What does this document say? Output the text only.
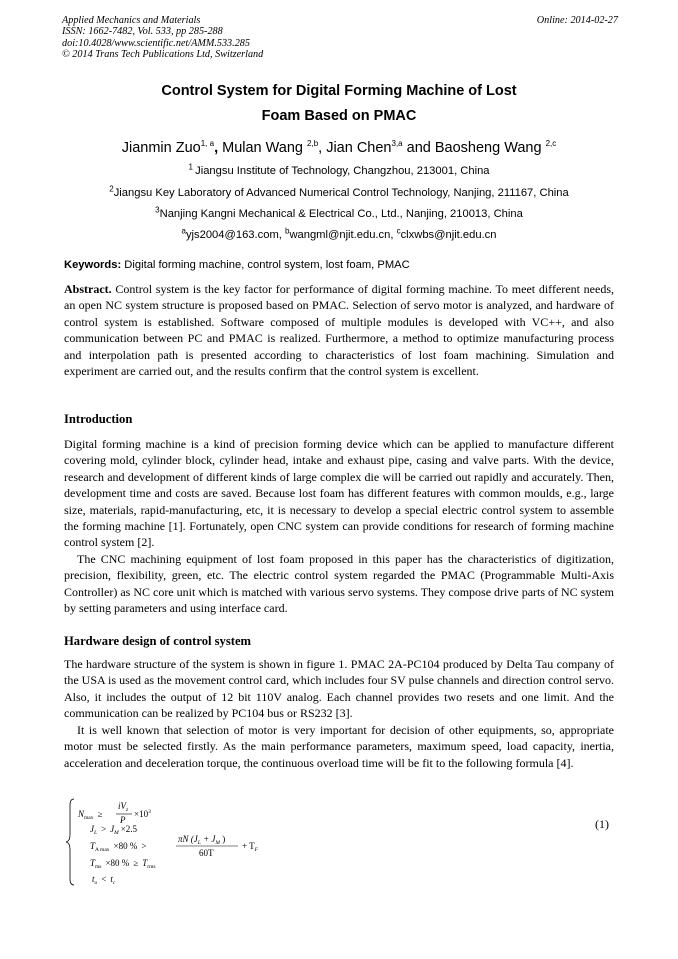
Applied Mechanics and Materials
ISSN: 1662-7482, Vol. 533, pp 285-288
doi:10.4028/www.scientific.net/AMM.533.285
© 2014 Trans Tech Publications Ltd, Switzerland
Online: 2014-02-27
Control System for Digital Forming Machine of Lost
Foam Based on PMAC
Jianmin Zuo$^{1, a}$, Mulan Wang $^{2,b}$, Jian Chen$^{3,a}$ and Baosheng Wang $^{2,c}$
$^1$ Jiangsu Institute of Technology, Changzhou, 213001, China
$^2$Jiangsu Key Laboratory of Advanced Numerical Control Technology, Nanjing, 211167, China
$^3$Nanjing Kangni Mechanical & Electrical Co., Ltd., Nanjing, 210013, China
$^a$yjs2004@163.com, $^b$wangml@njit.edu.cn, $^c$clxwbs@njit.edu.cn
Keywords: Digital forming machine, control system, lost foam, PMAC

Abstract. Control system is the key factor for performance of digital forming machine. To meet different needs, an open NC system structure is proposed based on PMAC. Selection of servo motor is analyzed, and hardware of control system is established. Software composed of multiple modules is developed with VC++, and also communication between PC and PMAC is realized. Furthermore, a method to optimize manufacturing process and interpolation path is presented according to characteristics of lost foam machining. Simulation and experiment are carried out, and the results confirm that the control system is excellent.

Introduction

Digital forming machine is a kind of precision forming device which can be applied to manufacture different covering mold, cylinder block, cylinder head, intake and exhaust pipe, casing and valve parts. With the device, research and development of different kinds of large complex die will be carried out rapidly and accurately. Then, development time and costs are saved. Because lost foam has different features with common moulds, e.g., large size, materials, rapid-manufacturing, etc, it is necessary to develop a special electric control system to assemble the forming machine [1]. Fortunately, open CNC system can provide conditions for research of forming machine control system [2].

The CNC machining equipment of lost foam proposed in this paper has the characteristics of digitization, precision, flexibility, green, etc. The electric control system regarded the PMAC (Programmable Multi-Axis Controller) as NC core unit which is matched with various servo systems. They compose drive parts of NC system by setting parameters and using interface card.

Hardware design of control system

The hardware structure of the system is shown in figure 1. PMAC 2A-PC104 produced by Delta Tau company of the USA is used as the movement control card, which includes four SV pulse channels and direction control servo. Also, it includes the output of 12 bit 110V analog. Each channel provides two resets and one limit. And the communication can be realized by PC104 bus or RS232 [3].

It is well known that selection of motor is very important for decision of other equipments, so, appropriate motor must be selected firstly. As the main performance parameters, maximum speed, load capacity, inertia, acceleration and deceleration torque, the continuous overload time will be fit to the following formula [4].

Nmax ≥
iVz
P
$\times 10^3$
JL > JM ×2.5
TA max ×80 % >
πN (JL + JM )
60T
+ TF
Tms ×80 % ≥ Trms
to < tc
(1)
